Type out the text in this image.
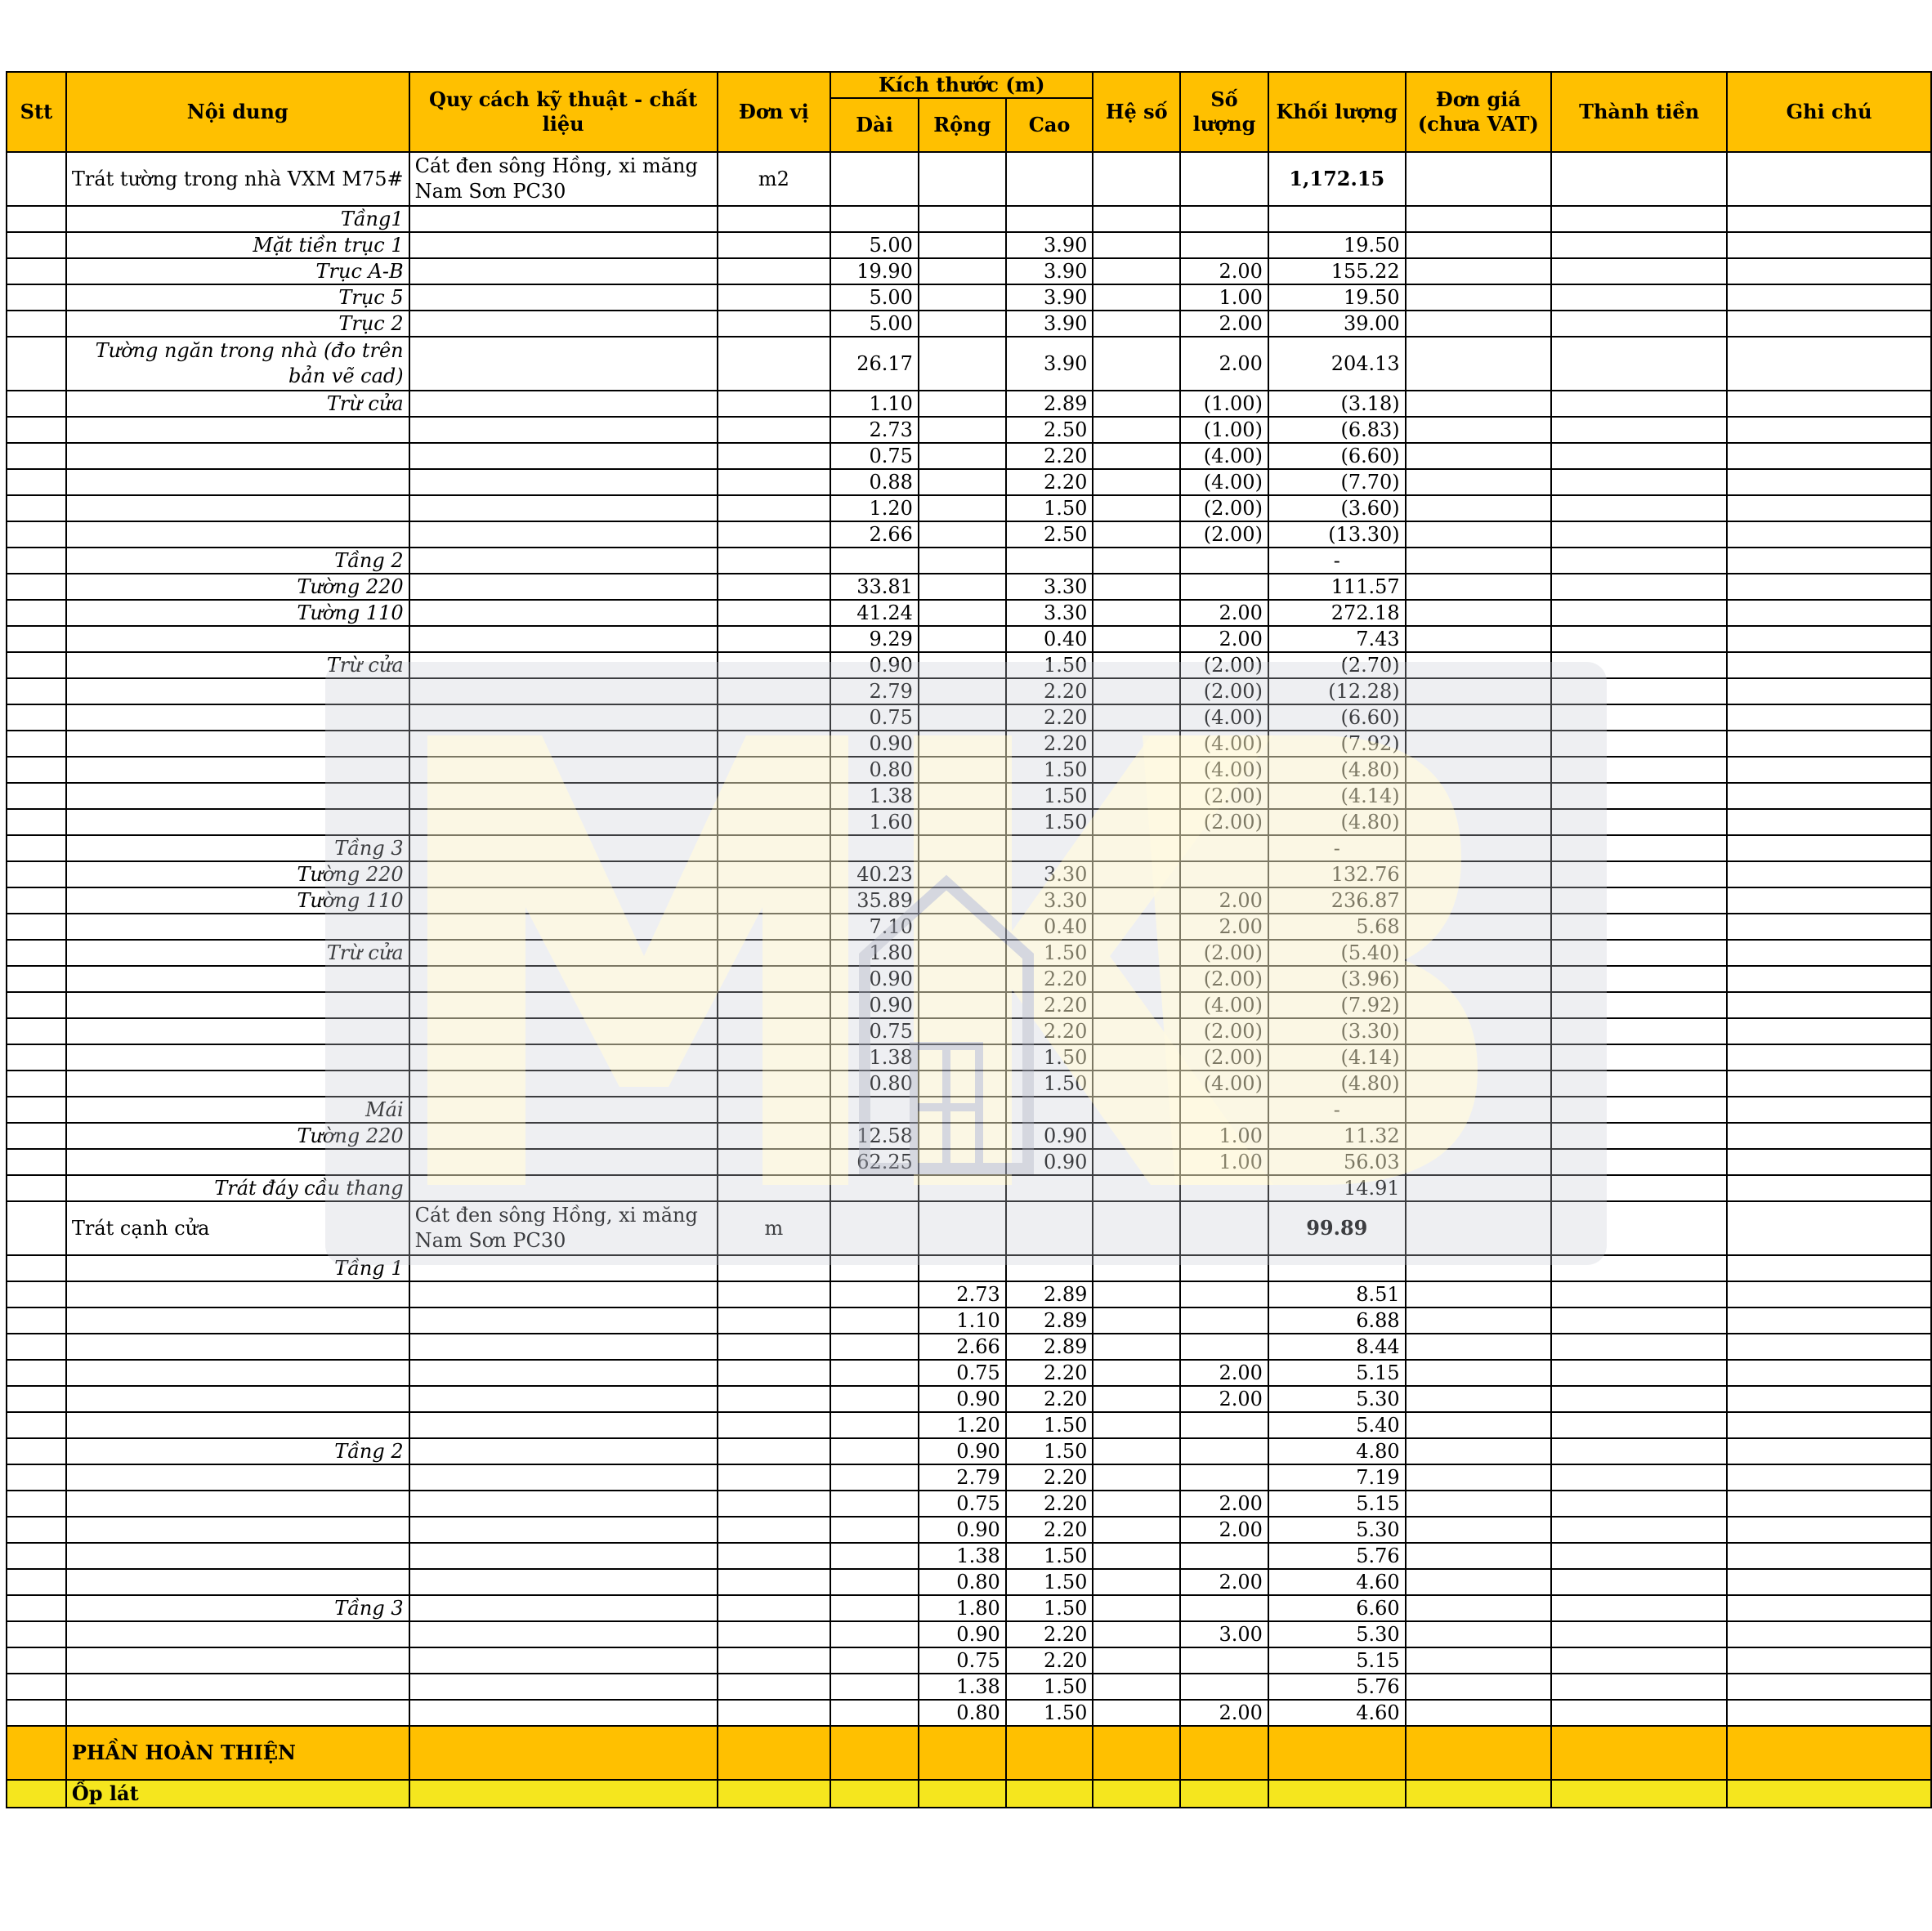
Stt	Nội dung	Quy cách kỹ thuật - chất liệu	Đơn vị	Kích thước (m)			Hệ số	Số lượng	Khối lượng	Đơn giá (chưa VAT)	Thành tiền	Ghi chú
				Dài	Rộng	Cao						
	Trát tường trong nhà VXM M75#	Cát đen sông Hồng, xi măng Nam Sơn PC30	m2						1,172.15			
	Tầng1											
	Mặt tiền trục 1			5.00		3.90			19.50			
	Trục A-B			19.90		3.90		2.00	155.22			
	Trục 5			5.00		3.90		1.00	19.50			
	Trục 2			5.00		3.90		2.00	39.00			
	Tường ngăn trong nhà (đo trên bản vẽ cad)			26.17		3.90		2.00	204.13			
	Trừ cửa			1.10		2.89		(1.00)	(3.18)			
				2.73		2.50		(1.00)	(6.83)			
				0.75		2.20		(4.00)	(6.60)			
				0.88		2.20		(4.00)	(7.70)			
				1.20		1.50		(2.00)	(3.60)			
				2.66		2.50		(2.00)	(13.30)			
	Tầng 2								-			
	Tường 220			33.81		3.30			111.57			
	Tường 110			41.24		3.30		2.00	272.18			
				9.29		0.40		2.00	7.43			
	Trừ cửa			0.90		1.50		(2.00)	(2.70)			
				2.79		2.20		(2.00)	(12.28)			
				0.75		2.20		(4.00)	(6.60)			
				0.90		2.20		(4.00)	(7.92)			
				0.80		1.50		(4.00)	(4.80)			
				1.38		1.50		(2.00)	(4.14)			
				1.60		1.50		(2.00)	(4.80)			
	Tầng 3								-			
	Tường 220			40.23		3.30			132.76			
	Tường 110			35.89		3.30		2.00	236.87			
				7.10		0.40		2.00	5.68			
	Trừ cửa			1.80		1.50		(2.00)	(5.40)			
				0.90		2.20		(2.00)	(3.96)			
				0.90		2.20		(4.00)	(7.92)			
				0.75		2.20		(2.00)	(3.30)			
				1.38		1.50		(2.00)	(4.14)			
				0.80		1.50		(4.00)	(4.80)			
	Mái								-			
	Tường 220			12.58		0.90		1.00	11.32			
				62.25		0.90		1.00	56.03			
	Trát đáy cầu thang								14.91			
	Trát cạnh cửa	Cát đen sông Hồng, xi măng Nam Sơn PC30	m						99.89			
	Tầng 1											
					2.73	2.89			8.51			
					1.10	2.89			6.88			
					2.66	2.89			8.44			
					0.75	2.20		2.00	5.15			
					0.90	2.20		2.00	5.30			
					1.20	1.50			5.40			
	Tầng 2				0.90	1.50			4.80			
					2.79	2.20			7.19			
					0.75	2.20		2.00	5.15			
					0.90	2.20		2.00	5.30			
					1.38	1.50			5.76			
					0.80	1.50		2.00	4.60			
	Tầng 3				1.80	1.50			6.60			
					0.90	2.20		3.00	5.30			
					0.75	2.20			5.15			
					1.38	1.50			5.76			
					0.80	1.50		2.00	4.60			
	PHẦN HOÀN THIỆN											
	Ốp lát											
